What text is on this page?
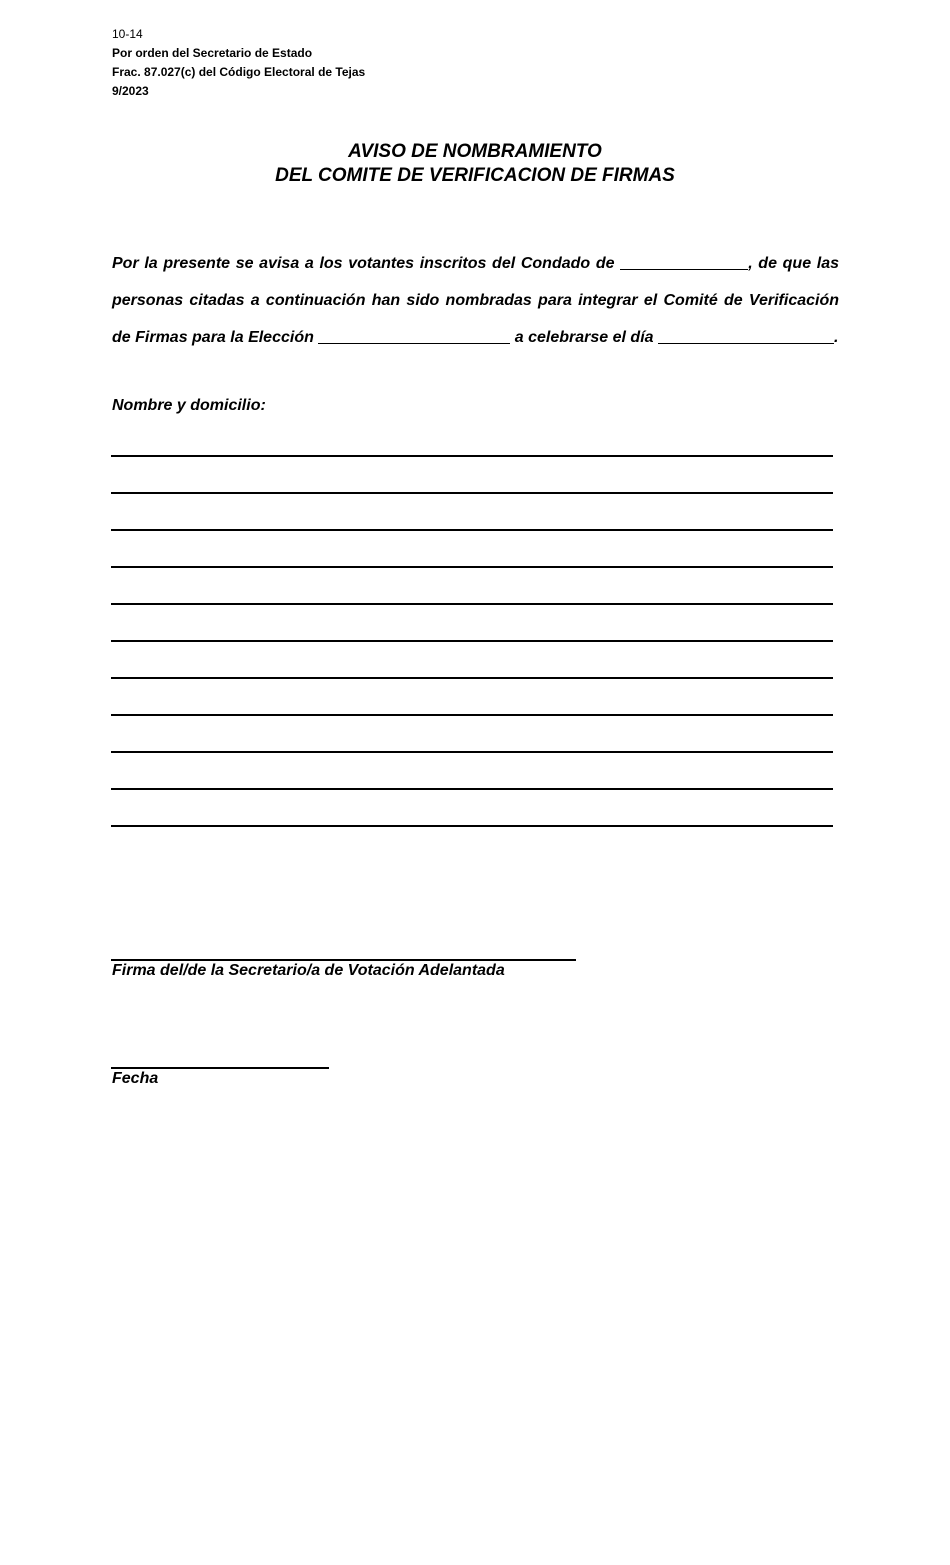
10-14
Por orden del Secretario de Estado
Frac. 87.027(c) del Código Electoral de Tejas
9/2023
AVISO DE NOMBRAMIENTO
DEL COMITE DE VERIFICACION DE FIRMAS
Por la presente se avisa a los votantes inscritos del Condado de	, de que las personas citadas a continuación han sido nombradas para integrar el Comité de Verificación de Firmas para la Elección	a celebrarse el día	.
Nombre y domicilio:
Firma del/de la Secretario/a de Votación Adelantada
Fecha
